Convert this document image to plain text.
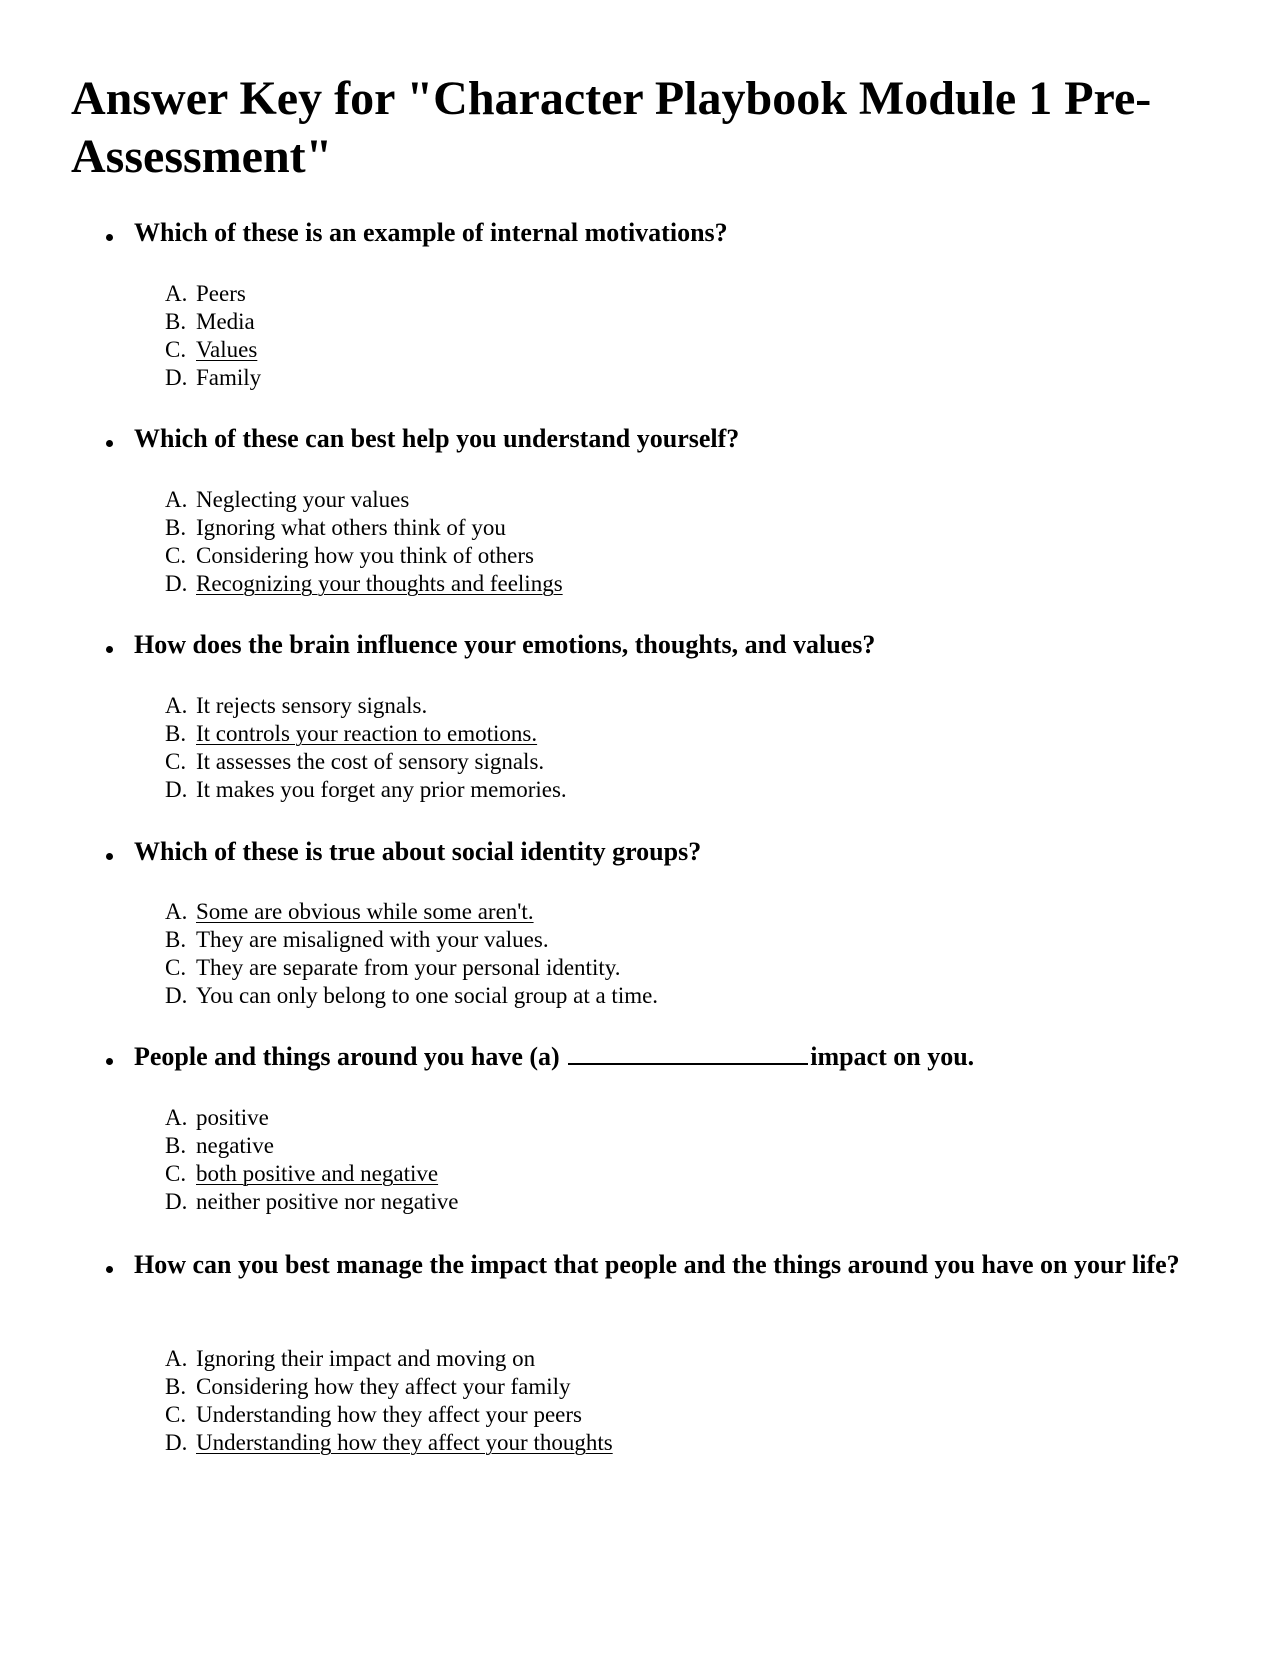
Answer Key for "Character Playbook Module 1 Pre-Assessment"

Which of these is an example of internal motivations?

A. Peers
B. Media
C. Values
D. Family

Which of these can best help you understand yourself?

A. Neglecting your values
B. Ignoring what others think of you
C. Considering how you think of others
D. Recognizing your thoughts and feelings

How does the brain influence your emotions, thoughts, and values?

A. It rejects sensory signals.
B. It controls your reaction to emotions.
C. It assesses the cost of sensory signals.
D. It makes you forget any prior memories.

Which of these is true about social identity groups?

A. Some are obvious while some aren't.
B. They are misaligned with your values.
C. They are separate from your personal identity.
D. You can only belong to one social group at a time.

People and things around you have (a)	impact on you.

A. positive
B. negative
C. both positive and negative
D. neither positive nor negative

How can you best manage the impact that people and the things around you have on your life?

A. Ignoring their impact and moving on
B. Considering how they affect your family
C. Understanding how they affect your peers
D. Understanding how they affect your thoughts
